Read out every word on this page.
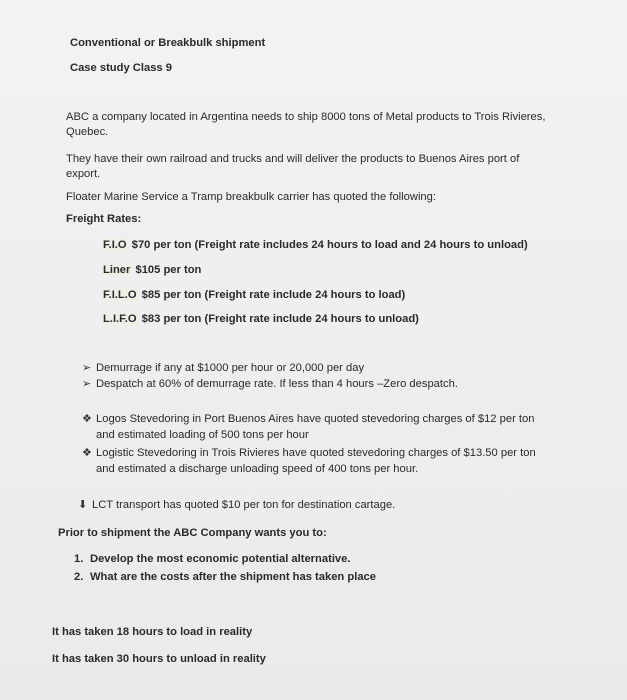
Conventional or Breakbulk shipment
Case study Class 9
ABC a company located in Argentina needs to ship 8000 tons of Metal products to Trois Rivieres,
Quebec.
They have their own railroad and trucks and will deliver the products to Buenos Aires port of
export.
Floater Marine Service a Tramp breakbulk carrier has quoted the following:
Freight Rates:
F.I.O $70 per ton (Freight rate includes 24 hours to load and 24 hours to unload)
Liner $105 per ton
F.I.L.O $85 per ton (Freight rate include 24 hours to load)
L.I.F.O $83 per ton (Freight rate include 24 hours to unload)
➢ Demurrage if any at $1000 per hour or 20,000 per day
➢ Despatch at 60% of demurrage rate. If less than 4 hours –Zero despatch.
❖ Logos Stevedoring in Port Buenos Aires have quoted stevedoring charges of $12 per ton
and estimated loading of 500 tons per hour
❖ Logistic Stevedoring in Trois Rivieres have quoted stevedoring charges of $13.50 per ton
and estimated a discharge unloading speed of 400 tons per hour.
⬇ LCT transport has quoted $10 per ton for destination cartage.
Prior to shipment the ABC Company wants you to:
1. Develop the most economic potential alternative.
2. What are the costs after the shipment has taken place
It has taken 18 hours to load in reality
It has taken 30 hours to unload in reality
